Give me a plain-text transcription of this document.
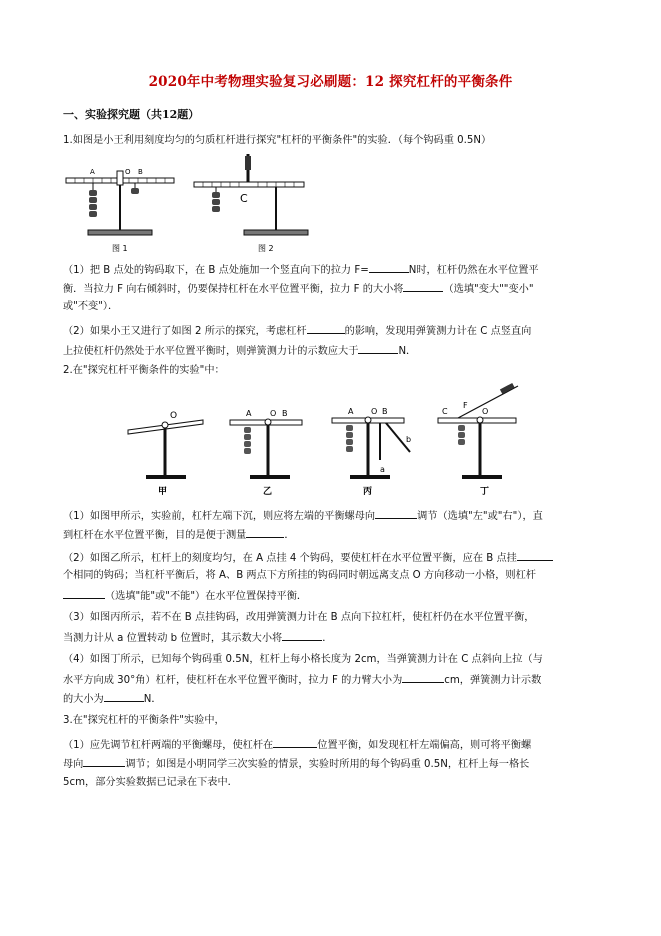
2020年中考物理实验复习必刷题：12 探究杠杆的平衡条件
一、实验探究题（共12题）
1.如图是小王利用刻度均匀的匀质杠杆进行探究"杠杆的平衡条件"的实验．（每个钩码重 0.5N）
A	O B
图 1
C
图 2
（1）把 B 点处的钩码取下，在 B 点处施加一个竖直向下的拉力 F=	N时，杠杆仍然在水平位置平
衡．当拉力 F 向右倾斜时，仍要保持杠杆在水平位置平衡，拉力 F 的大小将	（选填"变大""变小"
或"不变"）．
（2）如果小王又进行了如图 2 所示的探究，考虑杠杆	的影响，发现用弹簧测力计在 C 点竖直向
上拉使杠杆仍然处于水平位置平衡时，则弹簧测力计的示数应大于	N．
2.在"探究杠杆平衡条件的实验"中：
O
甲
A O B
乙
A O B
a
b
丙
C
F
O
丁
（1）如图甲所示，实验前，杠杆左端下沉，则应将左端的平衡螺母向	调节（选填"左"或"右"），直
到杠杆在水平位置平衡，目的是便于测量	．
（2）如图乙所示，杠杆上的刻度均匀，在 A 点挂 4 个钩码，要使杠杆在水平位置平衡，应在 B 点挂
个相同的钩码；当杠杆平衡后，将 A、B 两点下方所挂的钩码同时朝远离支点 O 方向移动一小格，则杠杆
（选填"能"或"不能"）在水平位置保持平衡．
（3）如图丙所示，若不在 B 点挂钩码，改用弹簧测力计在 B 点向下拉杠杆，使杠杆仍在水平位置平衡，
当测力计从 a 位置转动 b 位置时，其示数大小将	．
（4）如图丁所示，已知每个钩码重 0.5N，杠杆上每小格长度为 2cm，当弹簧测力计在 C 点斜向上拉（与
水平方向成 30°角）杠杆，使杠杆在水平位置平衡时，拉力 F 的力臂大小为	cm，弹簧测力计示数
的大小为	N．
3.在"探究杠杆的平衡条件"实验中，
（1）应先调节杠杆两端的平衡螺母，使杠杆在	位置平衡，如发现杠杆左端偏高，则可将平衡螺
母向	调节；如图是小明同学三次实验的情景，实验时所用的每个钩码重 0.5N，杠杆上每一格长
5cm，部分实验数据已记录在下表中．
